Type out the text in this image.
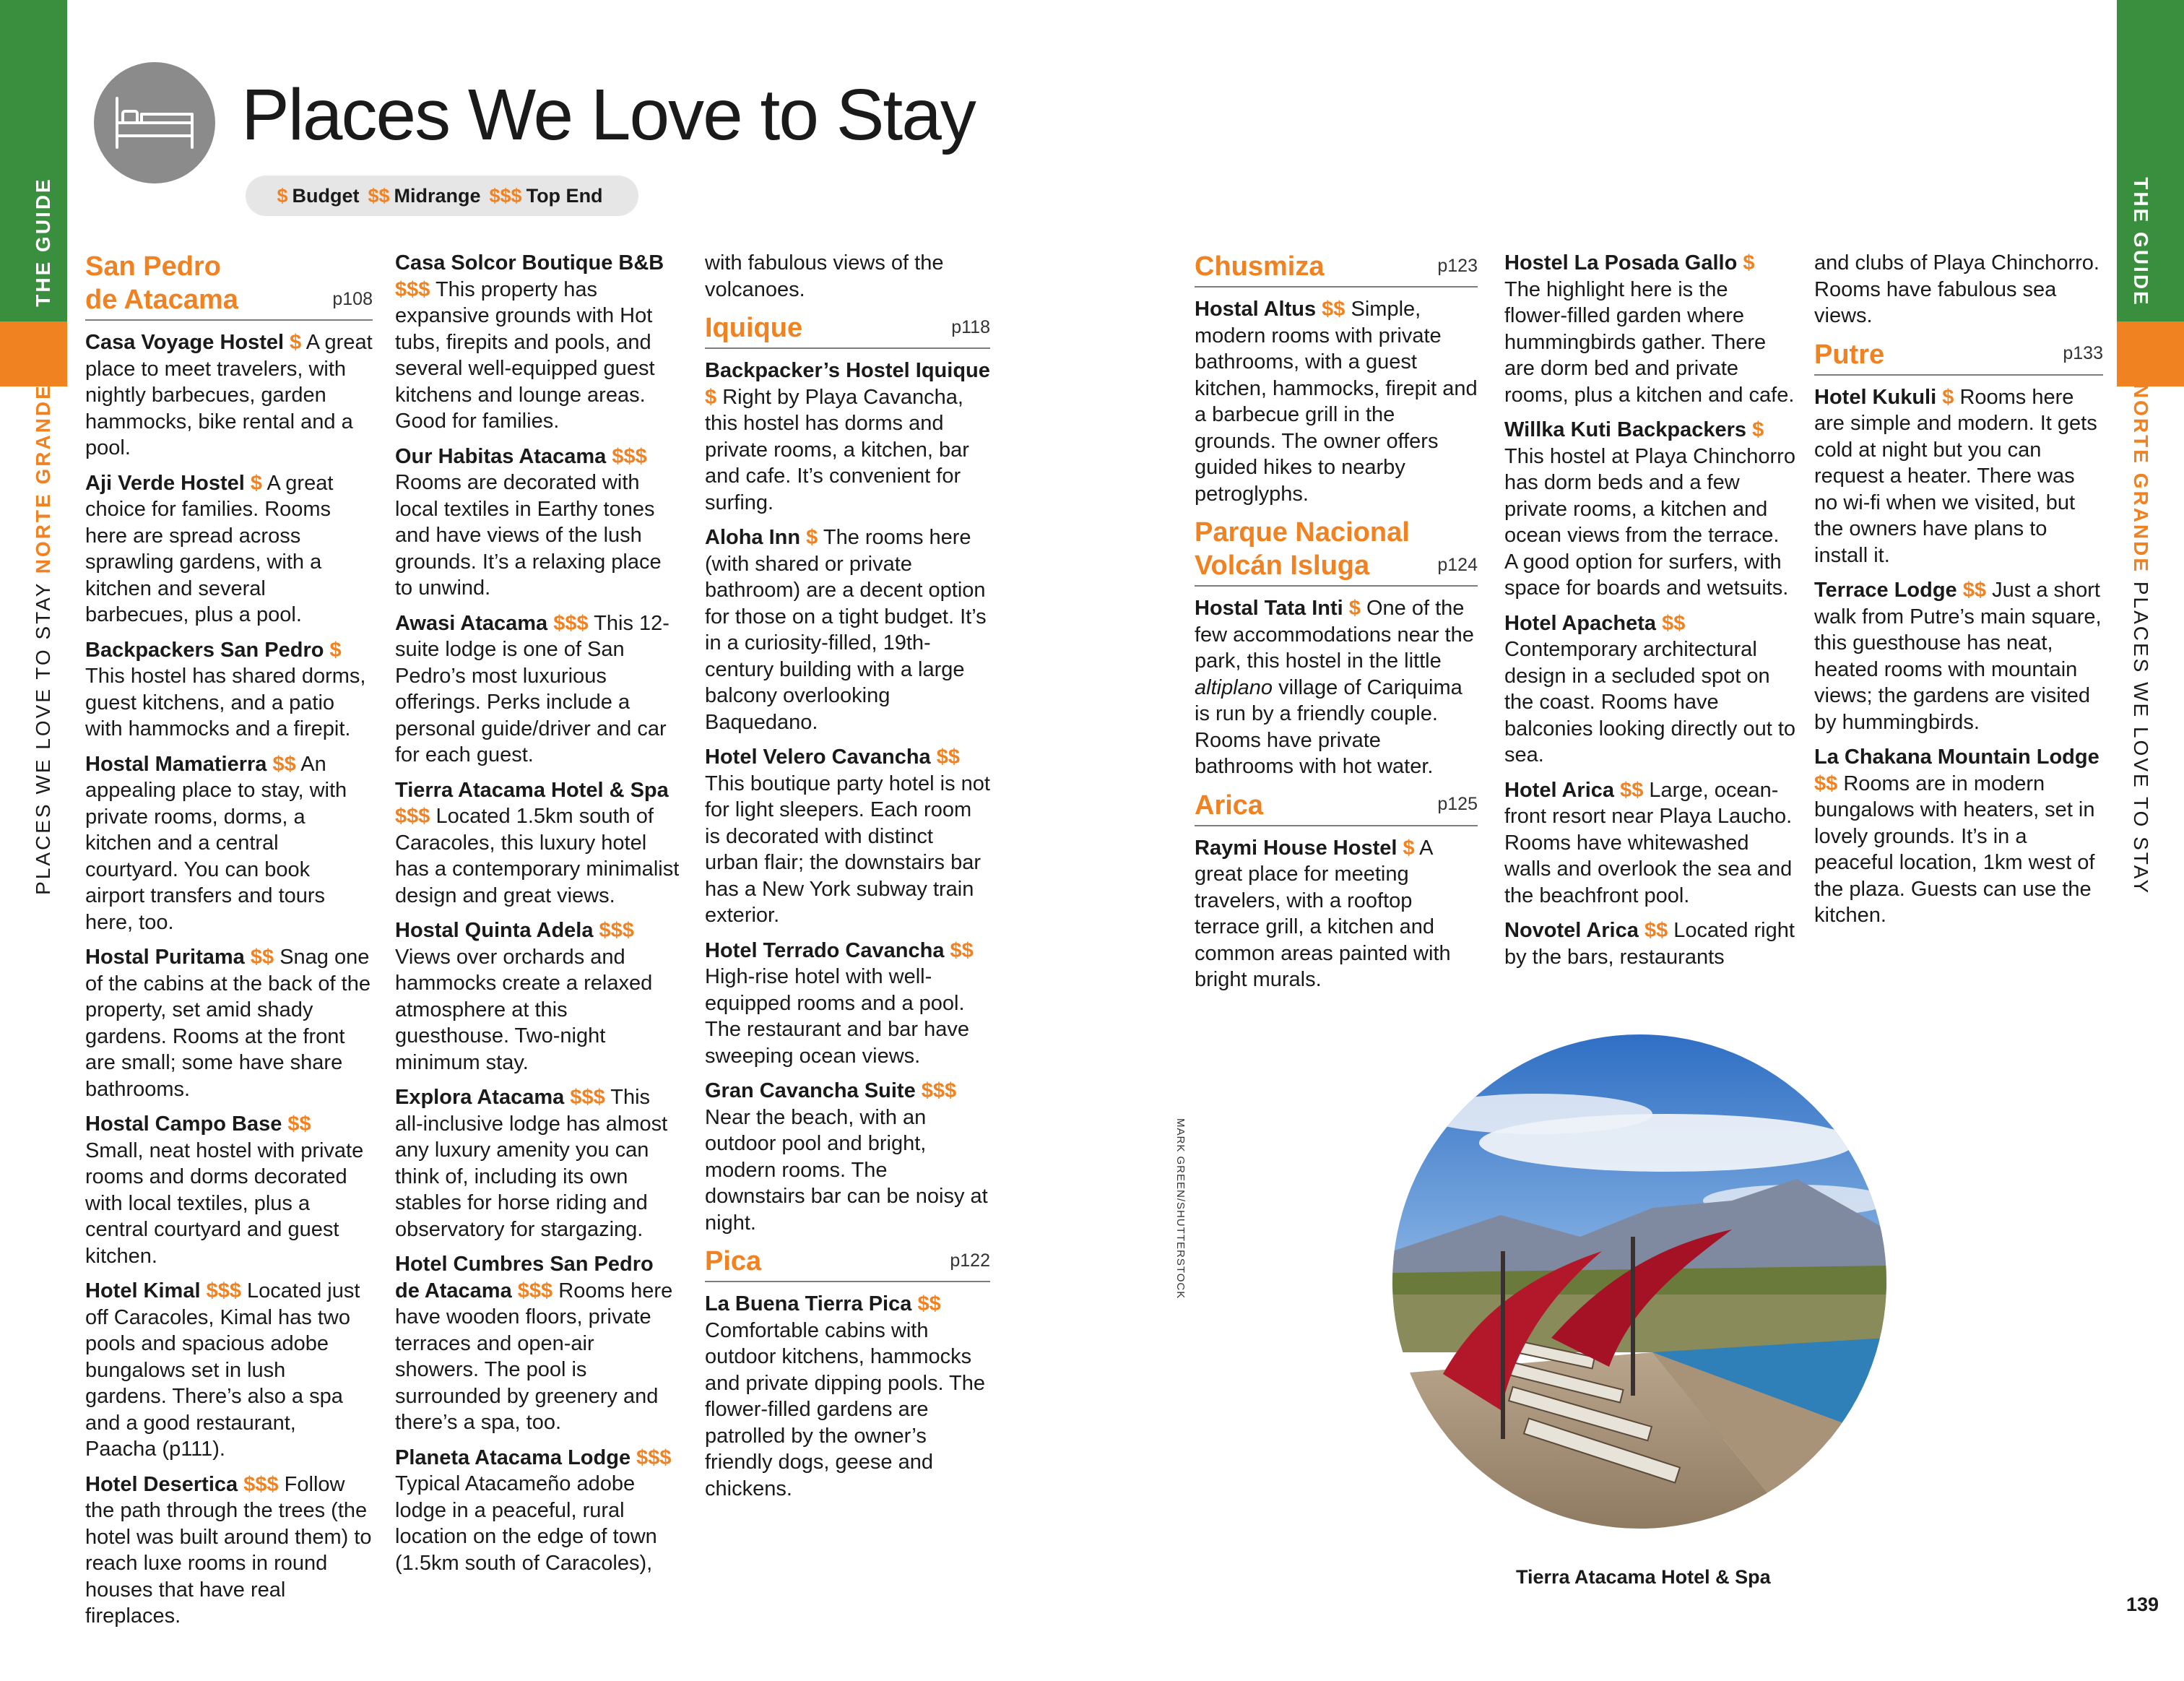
THE GUIDE
PLACES WE LOVE TO STAY NORTE GRANDE
THE GUIDE
NORTE GRANDE PLACES WE LOVE TO STAY
Places We Love to Stay
$ Budget $$ Midrange $$$ Top End
San Pedro
de Atacama	p108

Casa Voyage Hostel $ A great place to meet travelers, with nightly barbecues, garden hammocks, bike rental and a pool.

Aji Verde Hostel $ A great choice for families. Rooms here are spread across sprawling gardens, with a kitchen and several barbecues, plus a pool.

Backpackers San Pedro $ This hostel has shared dorms, guest kitchens, and a patio with hammocks and a firepit.

Hostal Mamatierra $$ An appealing place to stay, with private rooms, dorms, a kitchen and a central courtyard. You can book airport transfers and tours here, too.

Hostal Puritama $$ Snag one of the cabins at the back of the property, set amid shady gardens. Rooms at the front are small; some have share bathrooms.

Hostal Campo Base $$ Small, neat hostel with private rooms and dorms decorated with local textiles, plus a central courtyard and guest kitchen.

Hotel Kimal $$$ Located just off Caracoles, Kimal has two pools and spacious adobe bungalows set in lush gardens. There’s also a spa and a good restaurant, Paacha (p111).

Hotel Desertica $$$ Follow the path through the trees (the hotel was built around them) to reach luxe rooms in round houses that have real fireplaces.

Casa Solcor Boutique B&B $$$ This property has expansive grounds with Hot tubs, firepits and pools, and several well-equipped guest kitchens and lounge areas. Good for families.

Our Habitas Atacama $$$ Rooms are decorated with local textiles in Earthy tones and have views of the lush grounds. It’s a relaxing place to unwind.

Awasi Atacama $$$ This 12-suite lodge is one of San Pedro’s most luxurious offerings. Perks include a personal guide/driver and car for each guest.

Tierra Atacama Hotel & Spa $$$ Located 1.5km south of Caracoles, this luxury hotel has a contemporary minimalist design and great views.

Hostal Quinta Adela $$$ Views over orchards and hammocks create a relaxed atmosphere at this guesthouse. Two-night minimum stay.

Explora Atacama $$$ This all-inclusive lodge has almost any luxury amenity you can think of, including its own stables for horse riding and observatory for stargazing.

Hotel Cumbres San Pedro de Atacama $$$ Rooms here have wooden floors, private terraces and open-air showers. The pool is surrounded by greenery and there’s a spa, too.

Planeta Atacama Lodge $$$ Typical Atacameño adobe lodge in a peaceful, rural location on the edge of town (1.5km south of Caracoles),

with fabulous views of the volcanoes.

Iquique	p118

Backpacker’s Hostel Iquique $ Right by Playa Cavancha, this hostel has dorms and private rooms, a kitchen, bar and cafe. It’s convenient for surfing.

Aloha Inn $ The rooms here (with shared or private bathroom) are a decent option for those on a tight budget. It’s in a curiosity-filled, 19th-century building with a large balcony overlooking Baquedano.

Hotel Velero Cavancha $$ This boutique party hotel is not for light sleepers. Each room is decorated with distinct urban flair; the downstairs bar has a New York subway train exterior.

Hotel Terrado Cavancha $$ High-rise hotel with well-equipped rooms and a pool. The restaurant and bar have sweeping ocean views.

Gran Cavancha Suite $$$ Near the beach, with an outdoor pool and bright, modern rooms. The downstairs bar can be noisy at night.

Pica	p122

La Buena Tierra Pica $$ Comfortable cabins with outdoor kitchens, hammocks and private dipping pools. The flower-filled gardens are patrolled by the owner’s friendly dogs, geese and chickens.

Chusmiza	p123

Hostal Altus $$ Simple, modern rooms with private bathrooms, with a guest kitchen, hammocks, firepit and a barbecue grill in the grounds. The owner offers guided hikes to nearby petroglyphs.

Parque Nacional
Volcán Isluga	p124

Hostal Tata Inti $ One of the few accommodations near the park, this hostel in the little altiplano village of Cariquima is run by a friendly couple. Rooms have private bathrooms with hot water.

Arica	p125

Raymi House Hostel $ A great place for meeting travelers, with a rooftop terrace grill, a kitchen and common areas painted with bright murals.

Hostel La Posada Gallo $ The highlight here is the flower-filled garden where hummingbirds gather. There are dorm bed and private rooms, plus a kitchen and cafe.

Willka Kuti Backpackers $ This hostel at Playa Chinchorro has dorm beds and a few private rooms, a kitchen and ocean views from the terrace. A good option for surfers, with space for boards and wetsuits.

Hotel Apacheta $$ Contemporary architectural design in a secluded spot on the coast. Rooms have balconies looking directly out to sea.

Hotel Arica $$ Large, ocean-front resort near Playa Laucho. Rooms have whitewashed walls and overlook the sea and the beachfront pool.

Novotel Arica $$ Located right by the bars, restaurants

and clubs of Playa Chinchorro. Rooms have fabulous sea views.

Putre	p133

Hotel Kukuli $ Rooms here are simple and modern. It gets cold at night but you can request a heater. There was no wi-fi when we visited, but the owners have plans to install it.

Terrace Lodge $$ Just a short walk from Putre’s main square, this guesthouse has neat, heated rooms with mountain views; the gardens are visited by hummingbirds.

La Chakana Mountain Lodge $$ Rooms are in modern bungalows with heaters, set in lovely grounds. It’s in a peaceful location, 1km west of the plaza. Guests can use the kitchen.

MARK GREEN/SHUTTERSTOCK
Tierra Atacama Hotel & Spa
139
